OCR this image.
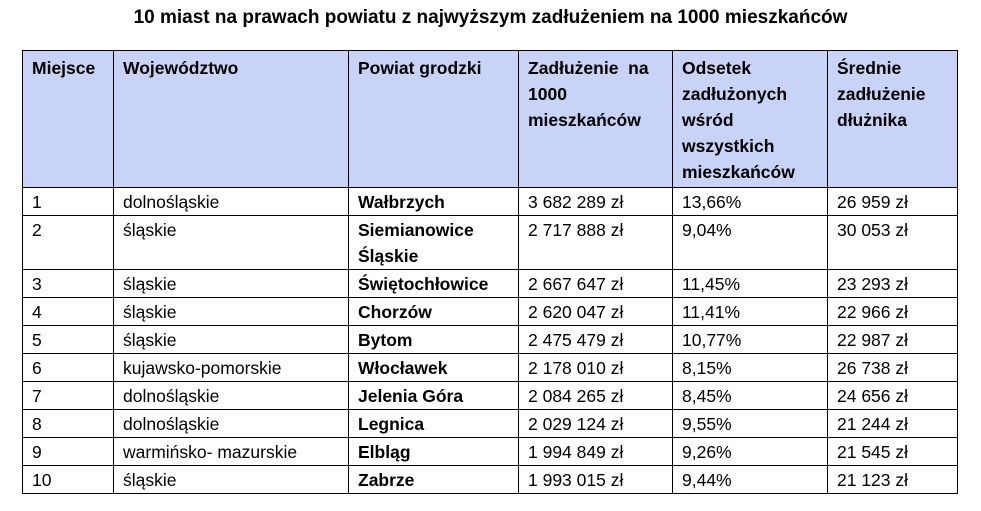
10 miast na prawach powiatu z najwyższym zadłużeniem na 1000 mieszkańców
Miejsce	Województwo	Powiat grodzki	Zadłużenie  na 1000 mieszkańców	Odsetek zadłużonych wśród wszystkich mieszkańców	Średnie zadłużenie dłużnika
1	dolnośląskie	Wałbrzych	3 682 289 zł	13,66%	26 959 zł
2	śląskie	Siemianowice Śląskie	2 717 888 zł	9,04%	30 053 zł
3	śląskie	Świętochłowice	2 667 647 zł	11,45%	23 293 zł
4	śląskie	Chorzów	2 620 047 zł	11,41%	22 966 zł
5	śląskie	Bytom	2 475 479 zł	10,77%	22 987 zł
6	kujawsko-pomorskie	Włocławek	2 178 010 zł	8,15%	26 738 zł
7	dolnośląskie	Jelenia Góra	2 084 265 zł	8,45%	24 656 zł
8	dolnośląskie	Legnica	2 029 124 zł	9,55%	21 244 zł
9	warmińsko- mazurskie	Elbląg	1 994 849 zł	9,26%	21 545 zł
10	śląskie	Zabrze	1 993 015 zł	9,44%	21 123 zł
